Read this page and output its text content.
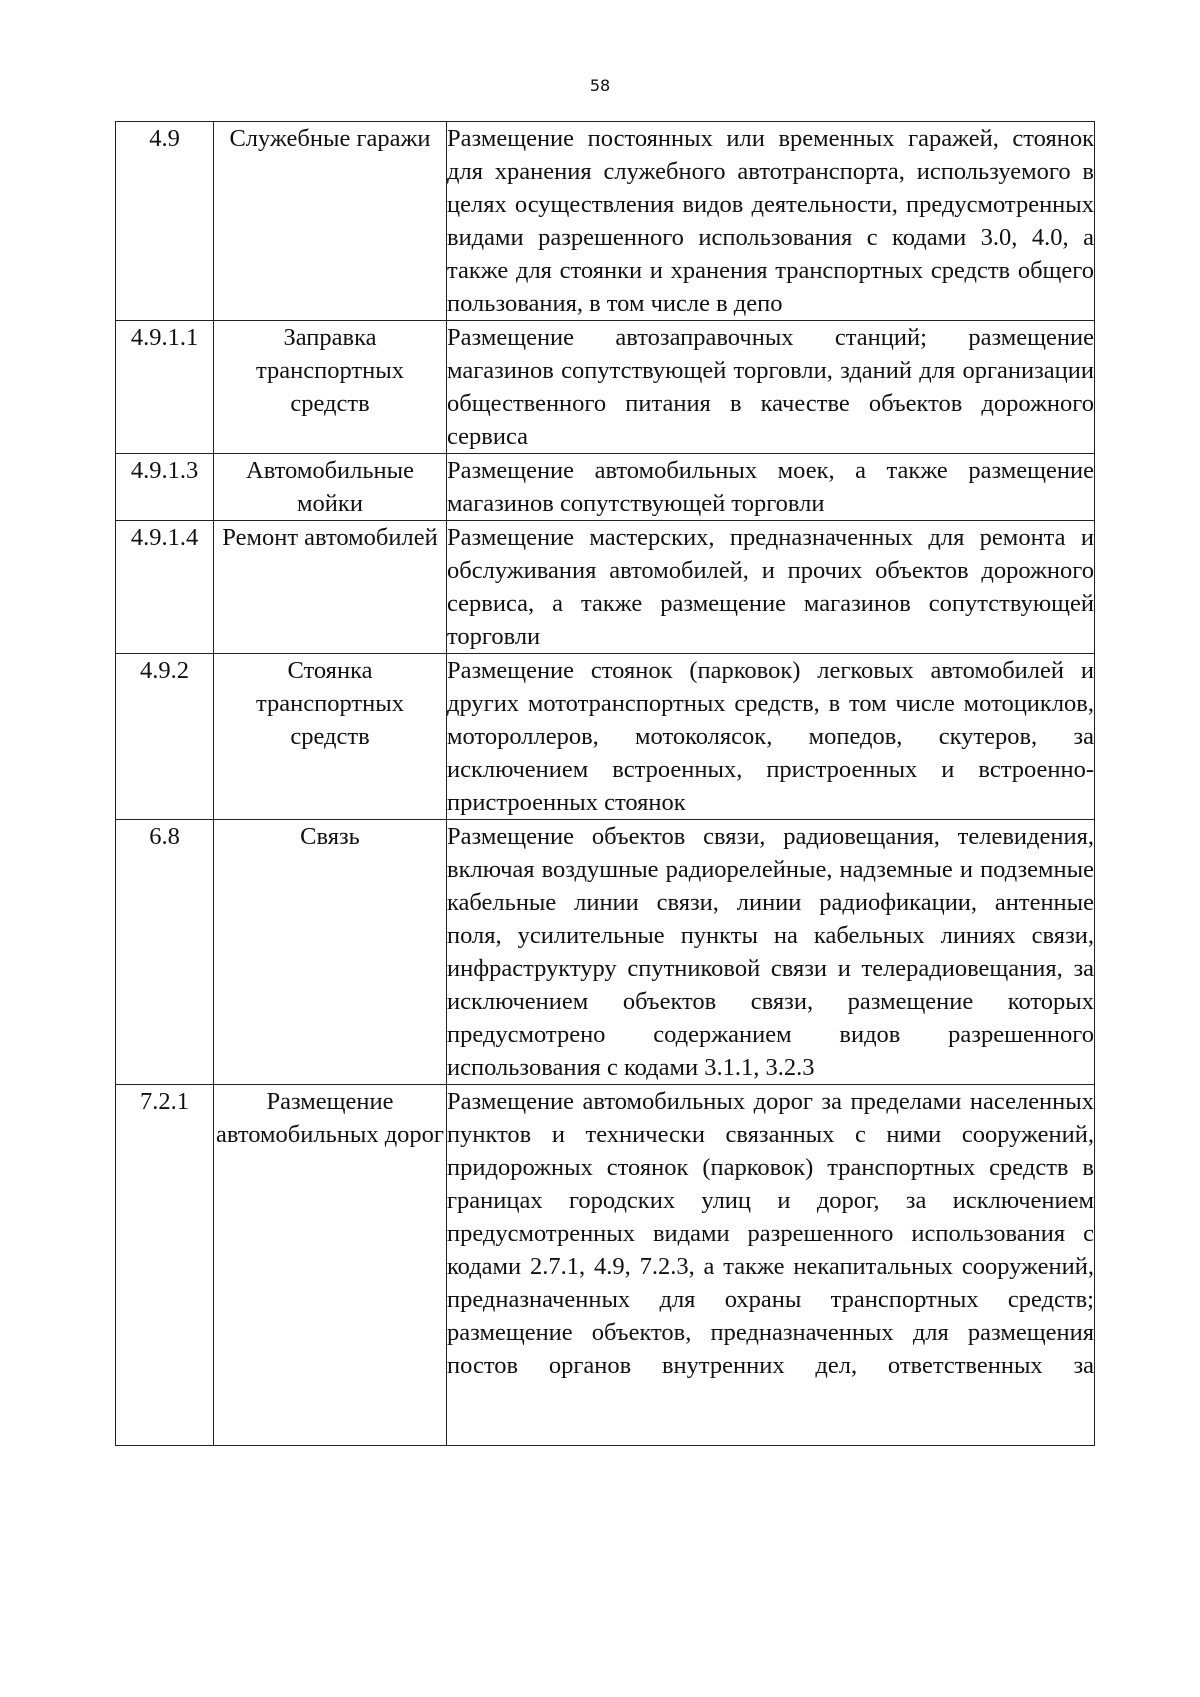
58
4.9	Служебные гаражи	Размещение постоянных или временных гаражей, стоянок для хранения служебного автотранспорта, используемого в целях осуществления видов деятельности, предусмотренных видами разрешенного использования с кодами 3.0, 4.0, а также для стоянки и хранения транспортных средств общего пользования, в том числе в депо
4.9.1.1	Заправка транспортных средств	Размещение автозаправочных станций; размещение магазинов сопутствующей торговли, зданий для организации общественного питания в качестве объектов дорожного сервиса
4.9.1.3	Автомобильные мойки	Размещение автомобильных моек, а также размещение магазинов сопутствующей торговли
4.9.1.4	Ремонт автомобилей	Размещение мастерских, предназначенных для ремонта и обслуживания автомобилей, и прочих объектов дорожного сервиса, а также размещение магазинов сопутствующей торговли
4.9.2	Стоянка транспортных средств	Размещение стоянок (парковок) легковых автомобилей и других мототранспортных средств, в том числе мотоциклов, мотороллеров, мотоколясок, мопедов, скутеров, за исключением встроенных, пристроенных и встроенно-пристроенных стоянок
6.8	Связь	Размещение объектов связи, радиовещания, телевидения, включая воздушные радиорелейные, надземные и подземные кабельные линии связи, линии радиофикации, антенные поля, усилительные пункты на кабельных линиях связи, инфраструктуру спутниковой связи и телерадиовещания, за исключением объектов связи, размещение которых предусмотрено содержанием видов разрешенного использования с кодами 3.1.1, 3.2.3
7.2.1	Размещение автомобильных дорог	Размещение автомобильных дорог за пределами населенных пунктов и технически связанных с ними сооружений, придорожных стоянок (парковок) транспортных средств в границах городских улиц и дорог, за исключением предусмотренных видами разрешенного использования с кодами 2.7.1, 4.9, 7.2.3, а также некапитальных сооружений, предназначенных для охраны транспортных средств; размещение объектов, предназначенных для размещения постов органов внутренних дел, ответственных за
